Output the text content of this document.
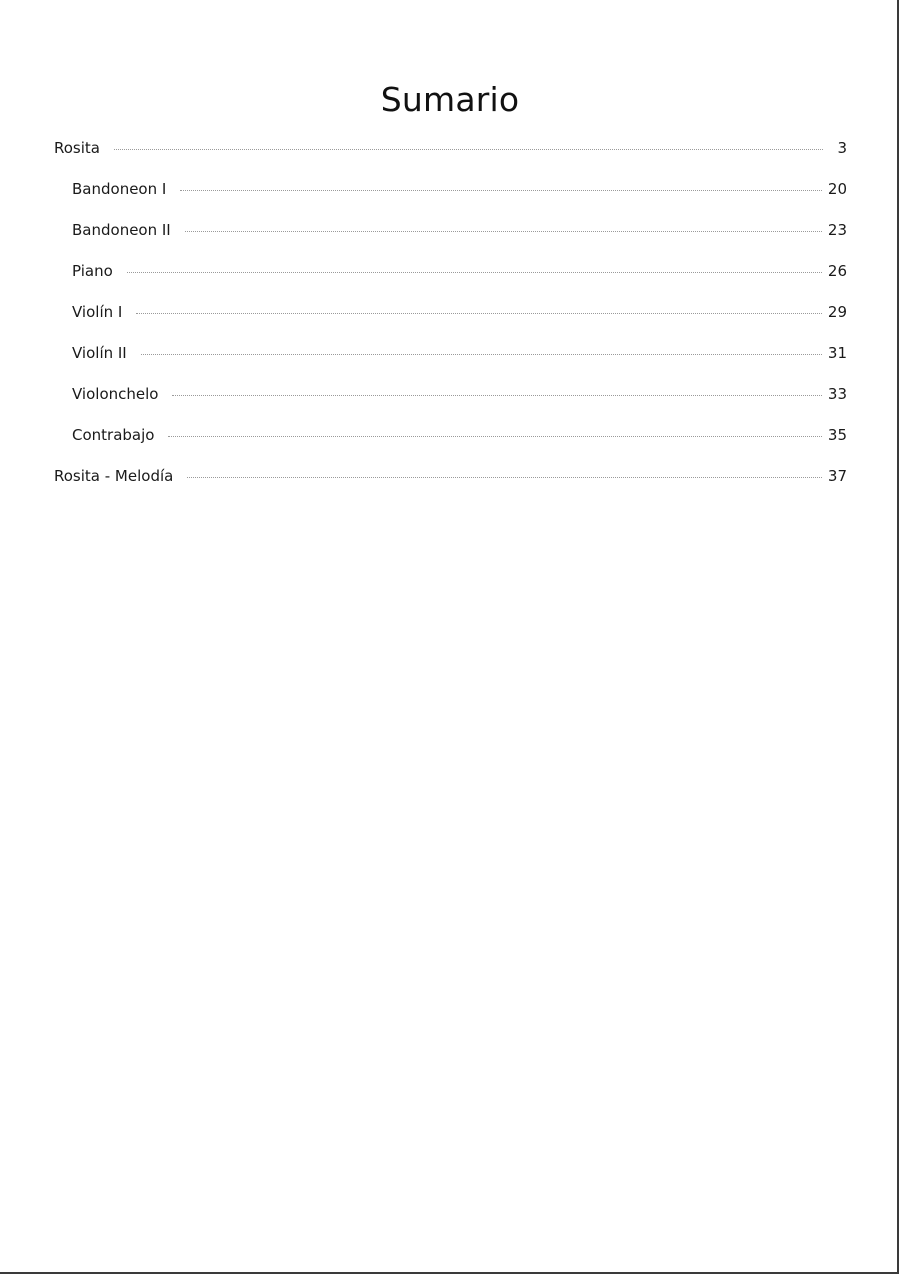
Sumario
Rosita	3
Bandoneon I	20
Bandoneon II	23
Piano	26
Violín I	29
Violín II	31
Violonchelo	33
Contrabajo	35
Rosita - Melodía	37
